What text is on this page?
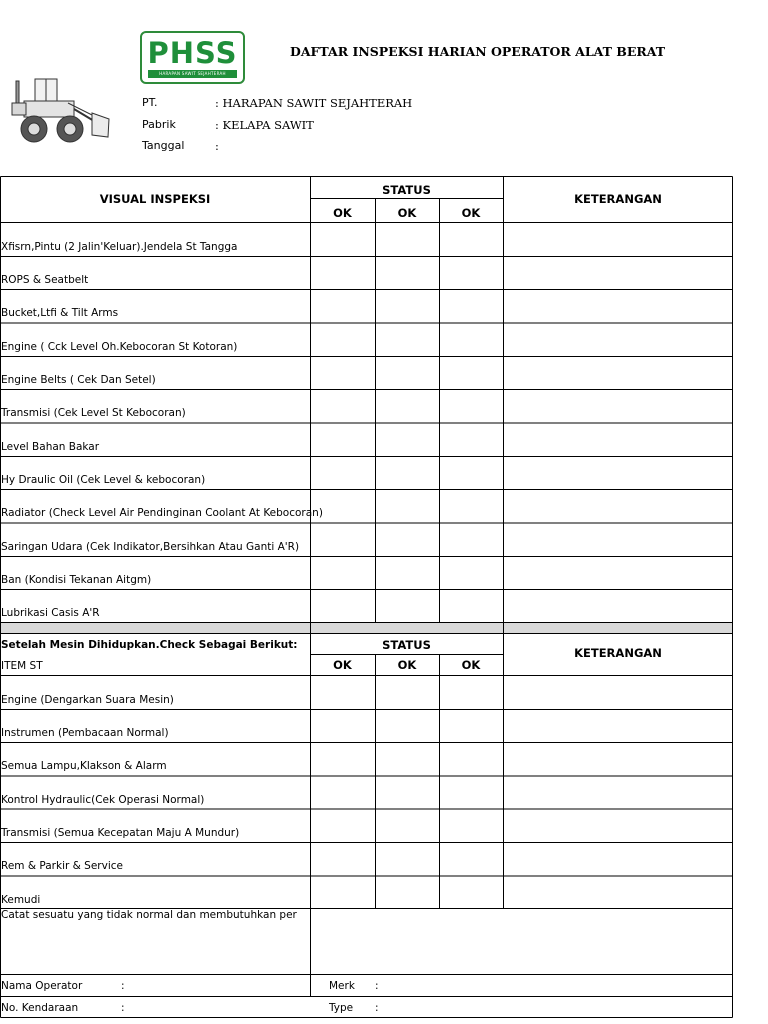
PHSS
HARAPAN SAWIT SEJAHTERAH
DAFTAR INSPEKSI HARIAN OPERATOR ALAT BERAT
PT.	: HARAPAN SAWIT SEJAHTERAH
Pabrik	: KELAPA SAWIT
Tanggal	:
VISUAL INSPEKSI
STATUS
OK	OK	OK
KETERANGAN
Xfisrn,Pintu (2 Jalin'Keluar).Jendela St Tangga
ROPS & Seatbelt
Bucket,Ltfi & Tilt Arms
Engine ( Cck Level Oh.Kebocoran St Kotoran)
Engine Belts ( Cek Dan Setel)
Transmisi (Cek Level St Kebocoran)
Level Bahan Bakar
Hy Draulic Oil (Cek Level & kebocoran)
Radiator (Check Level Air Pendinginan Coolant At Kebocoran)
Saringan Udara (Cek Indikator,Bersihkan Atau Ganti A'R)
Ban (Kondisi Tekanan Aitgm)
Lubrikasi Casis A'R
Setelah Mesin Dihidupkan.Check Sebagai Berikut:
ITEM ST
STATUS
OK	OK	OK
KETERANGAN
Engine (Dengarkan Suara Mesin)
Instrumen (Pembacaan Normal)
Semua Lampu,Klakson & Alarm
Kontrol Hydraulic(Cek Operasi Normal)
Transmisi (Semua Kecepatan Maju A Mundur)
Rem & Parkir & Service
Kemudi
Catat sesuatu yang tidak normal dan membutuhkan per
Nama Operator	:	Merk :
No. Kendaraan	:	Type :
